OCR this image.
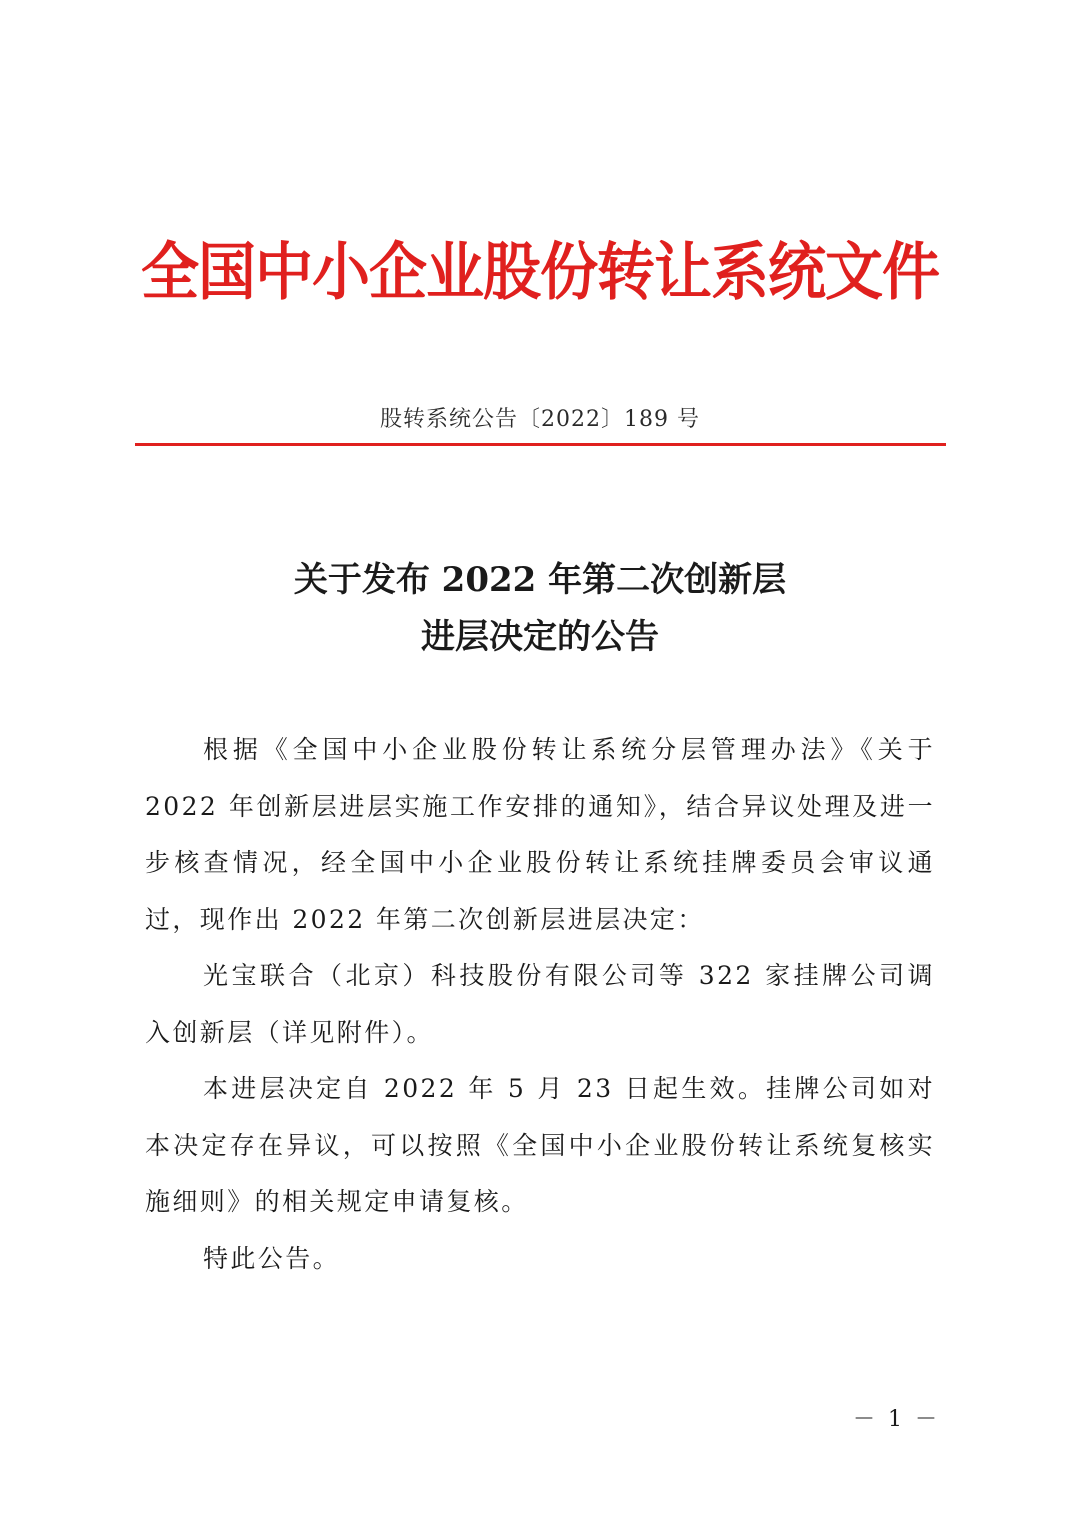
全国中小企业股份转让系统文件
股转系统公告〔2022〕189 号
关于发布 2022 年第二次创新层
进层决定的公告

根据《全国中小企业股份转让系统分层管理办法》《关于2022 年创新层进层实施工作安排的通知》，结合异议处理及进一步核查情况，经全国中小企业股份转让系统挂牌委员会审议通过，现作出 2022 年第二次创新层进层决定：

光宝联合（北京）科技股份有限公司等 322 家挂牌公司调入创新层（详见附件）。

本进层决定自 2022 年 5 月 23 日起生效。挂牌公司如对本决定存在异议，可以按照《全国中小企业股份转让系统复核实施细则》的相关规定申请复核。

特此公告。

－ 1 －
